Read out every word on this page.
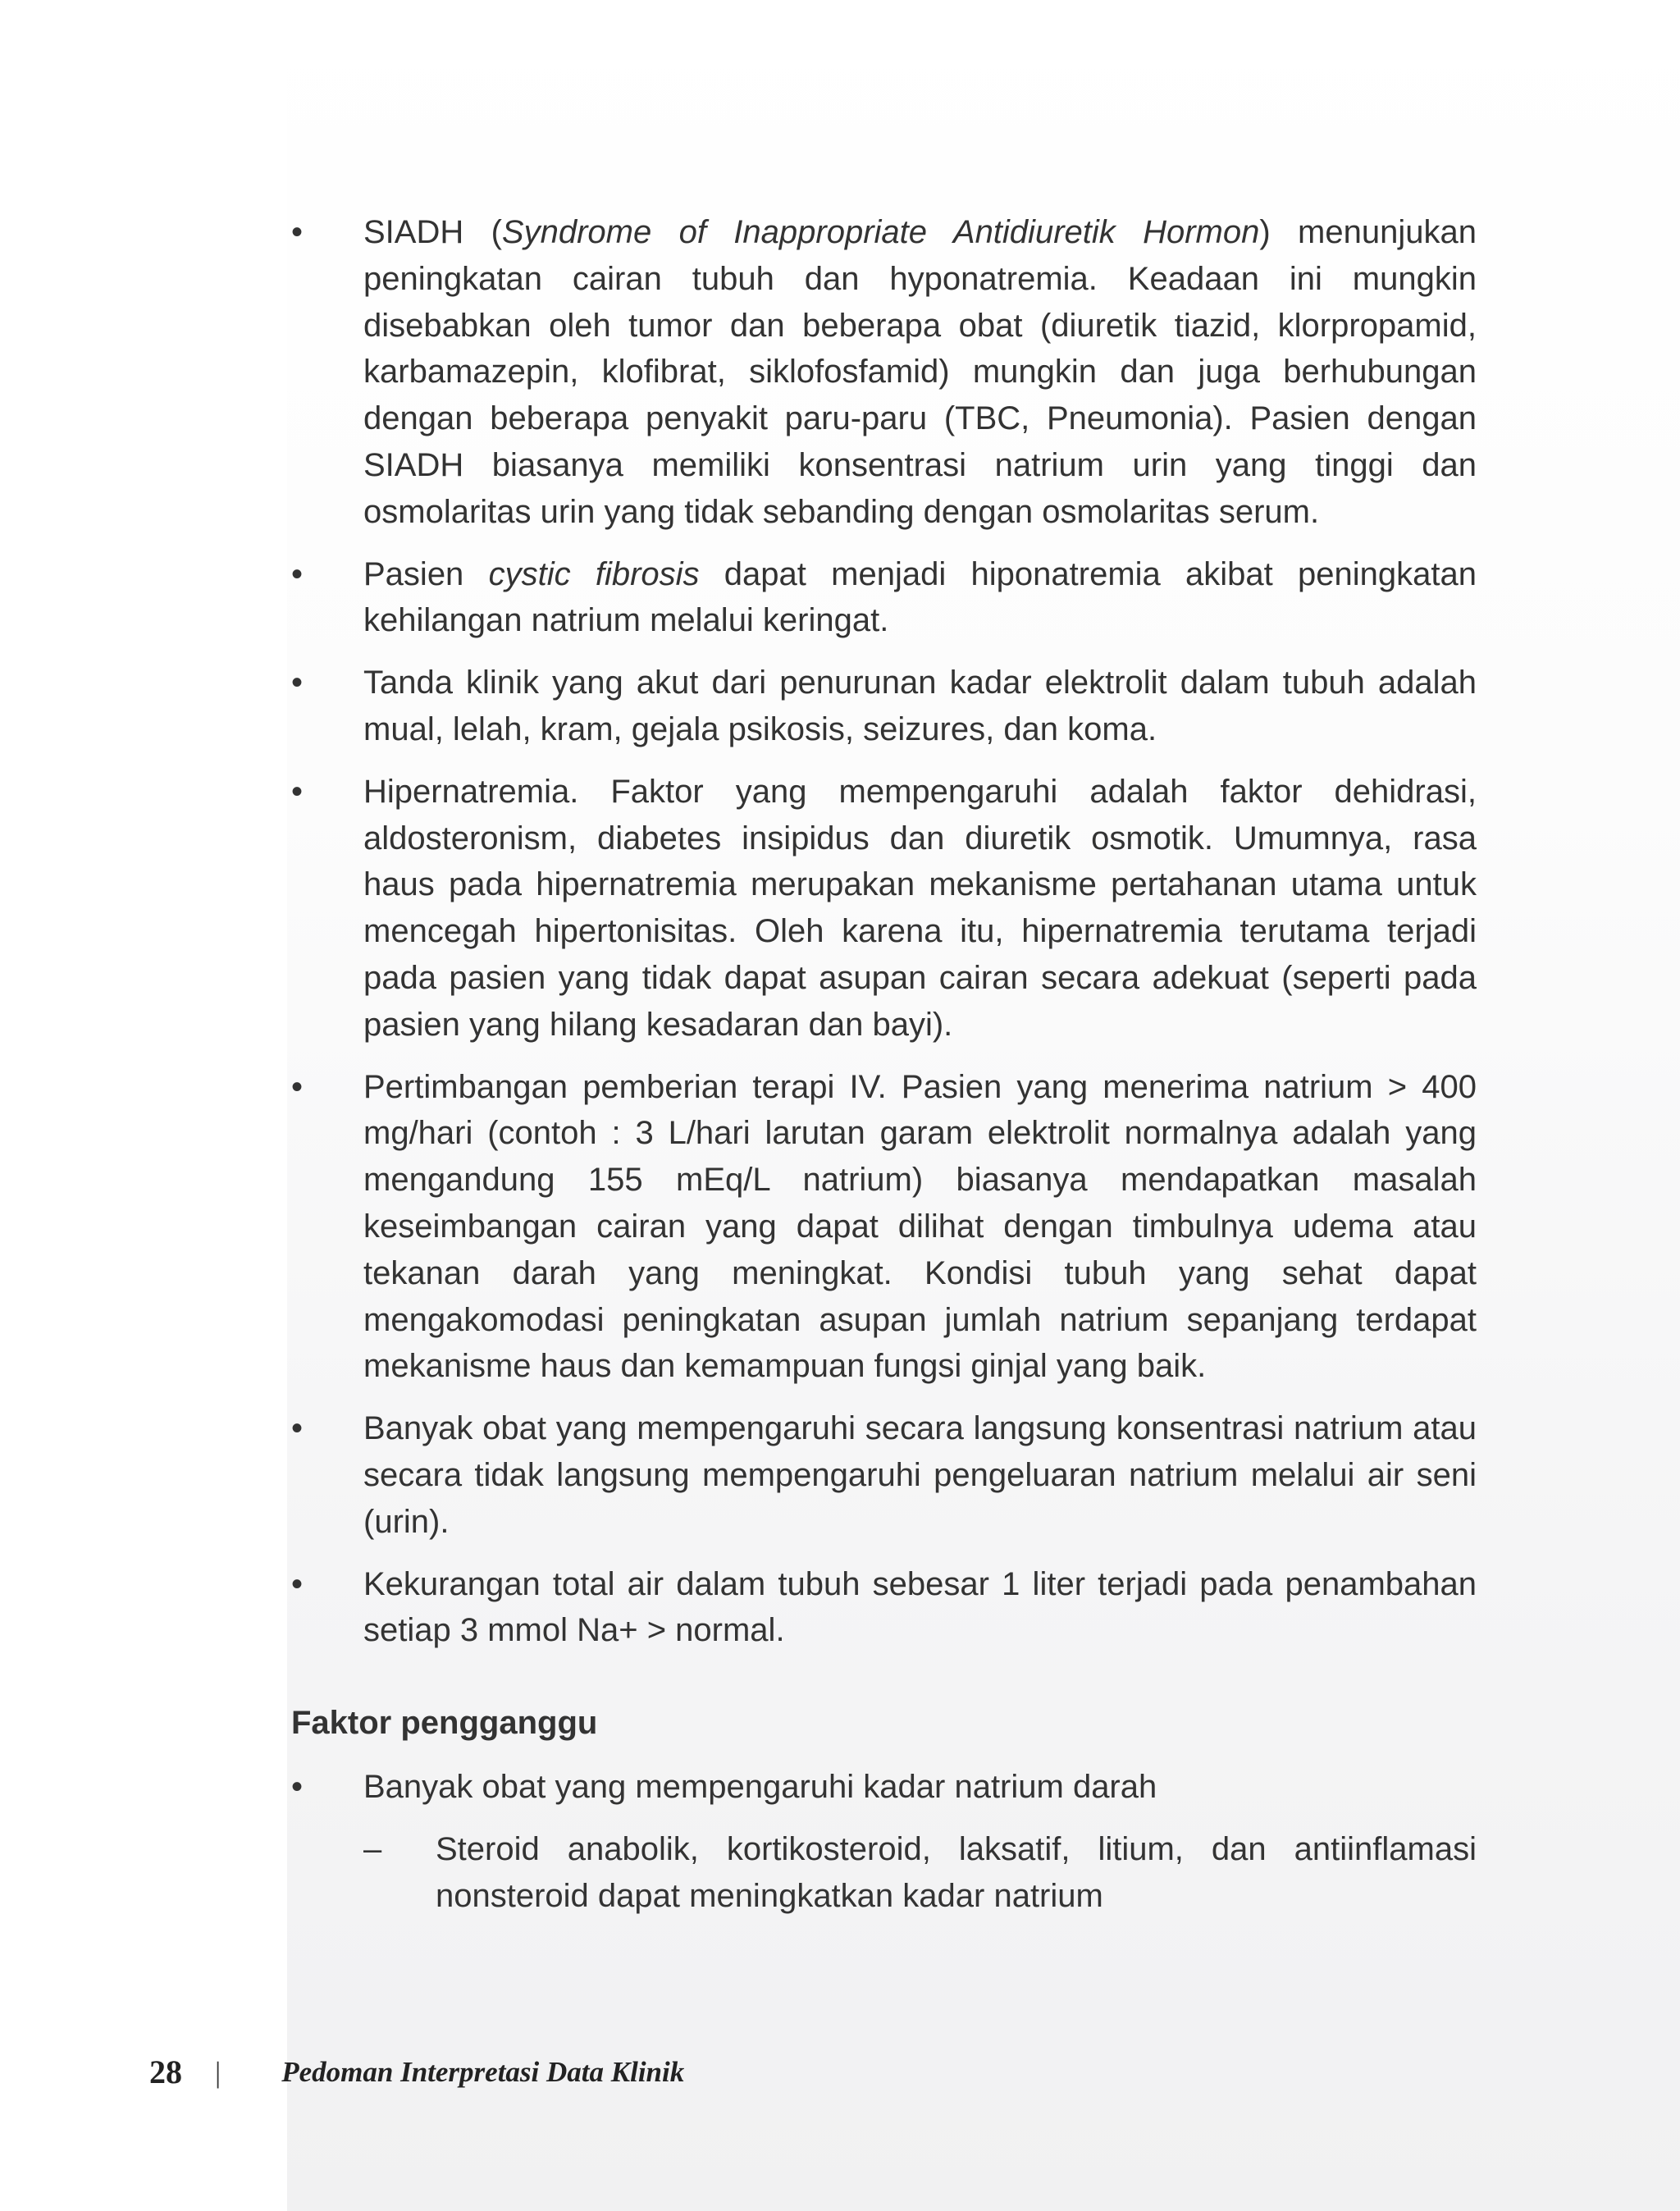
•	SIADH (Syndrome of Inappropriate Antidiuretik Hormon) menunjukan peningkatan cairan tubuh dan hyponatremia. Keadaan ini mungkin disebabkan oleh tumor dan beberapa obat (diuretik tiazid, klorpropamid, karbamazepin, klofibrat, siklofosfamid) mungkin dan juga berhubungan dengan beberapa penyakit paru-paru (TBC, Pneumonia). Pasien dengan SIADH biasanya memiliki konsentrasi natrium urin yang tinggi dan osmolaritas urin yang tidak sebanding dengan osmolaritas serum.
•	Pasien cystic fibrosis dapat menjadi hiponatremia akibat peningkatan kehilangan natrium melalui keringat.
•	Tanda klinik yang akut dari penurunan kadar elektrolit dalam tubuh adalah mual, lelah, kram, gejala psikosis, seizures, dan koma.
•	Hipernatremia. Faktor yang mempengaruhi adalah faktor dehidrasi, aldosteronism, diabetes insipidus dan diuretik osmotik. Umumnya, rasa haus pada hipernatremia merupakan mekanisme pertahanan utama untuk mencegah hipertonisitas. Oleh karena itu, hipernatremia terutama terjadi pada pasien yang tidak dapat asupan cairan secara adekuat (seperti pada pasien yang hilang kesadaran dan bayi).
•	Pertimbangan pemberian terapi IV. Pasien yang menerima natrium > 400 mg/hari (contoh : 3 L/hari larutan garam elektrolit normalnya adalah yang mengandung 155 mEq/L natrium) biasanya mendapatkan masalah keseimbangan cairan yang dapat dilihat dengan timbulnya udema atau tekanan darah yang meningkat. Kondisi tubuh yang sehat dapat mengakomodasi peningkatan asupan jumlah natrium sepanjang terdapat mekanisme haus dan kemampuan fungsi ginjal yang baik.
•	Banyak obat yang mempengaruhi secara langsung konsentrasi natrium atau secara tidak langsung mempengaruhi pengeluaran natrium melalui air seni (urin).
•	Kekurangan total air dalam tubuh sebesar 1 liter terjadi pada penambahan setiap 3 mmol Na+ > normal.
Faktor pengganggu
•	Banyak obat yang mempengaruhi kadar natrium darah
– Steroid anabolik, kortikosteroid, laksatif, litium, dan antiinflamasi nonsteroid dapat meningkatkan kadar natrium
28 | Pedoman Interpretasi Data Klinik
